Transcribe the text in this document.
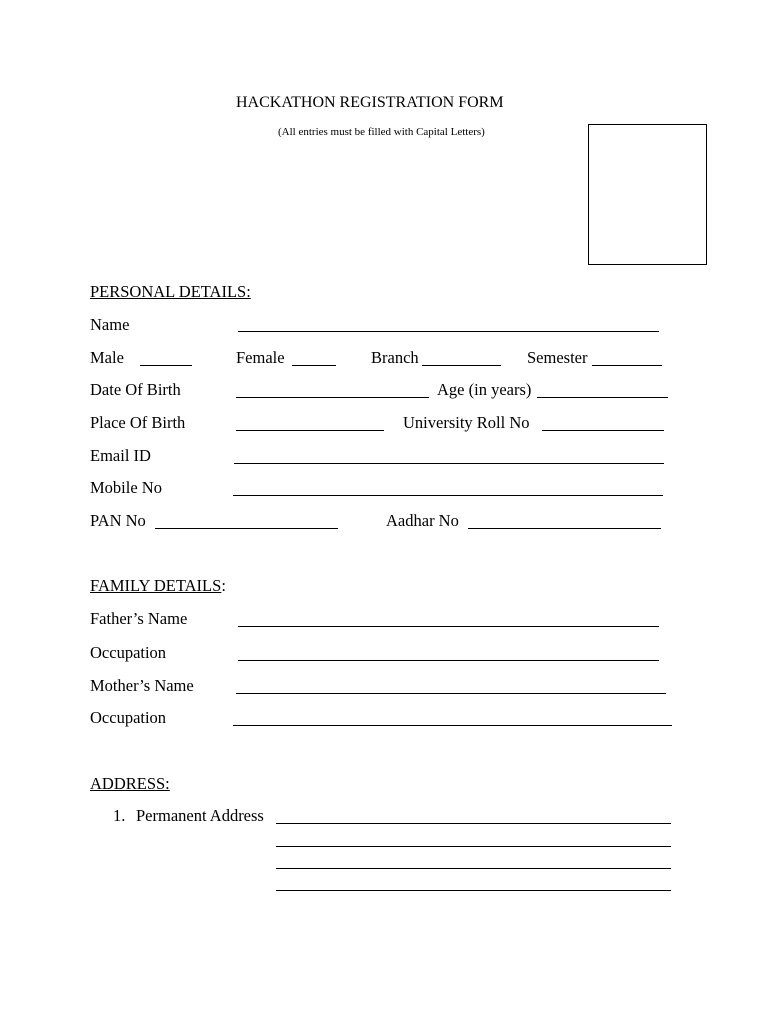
HACKATHON REGISTRATION FORM
(All entries must be filled with Capital Letters)
PERSONAL DETAILS:
Name
Male	Female	Branch	Semester
Date Of Birth	Age (in years)
Place Of Birth	University Roll No
Email ID
Mobile No
PAN No	Aadhar No
FAMILY DETAILS:
Father’s Name
Occupation
Mother’s Name
Occupation
ADDRESS:
1. Permanent Address
